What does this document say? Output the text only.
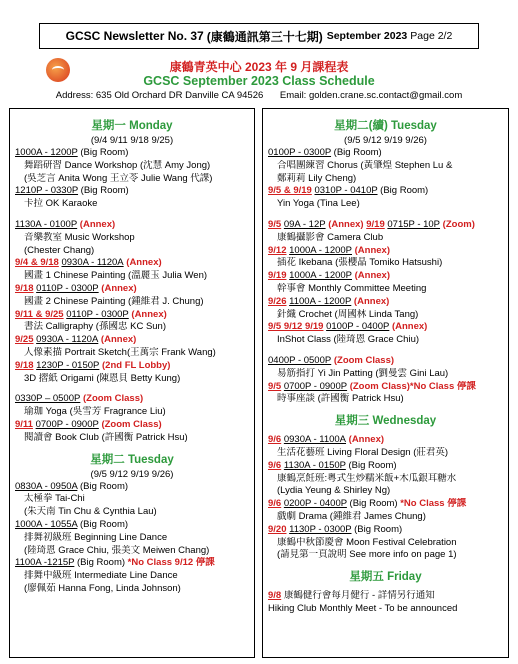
GCSC Newsletter No. 37 (康鶴通訊第三十七期) September 2023 Page 2/2
康鶴青英中心 2023 年 9 月課程表
GCSC September 2023 Class Schedule
Address: 635 Old Orchard DR Danville CA 94526 Email: golden.crane.sc.contact@gmail.com
星期一 Monday
(9/4 9/11 9/18 9/25)
1000A - 1200P (Big Room)
舞蹈研習 Dance Workshop (沈慧 Amy Jong)
(吳芝言 Anita Wong 王立苓 Julie Wang 代課)
1210P - 0330P (Big Room)
卡拉 OK Karaoke
1130A - 0100P (Annex)
音樂教室 Music Workshop
(Chester Chang)
9/4 & 9/18 0930A - 1120A (Annex)
國畫 1 Chinese Painting (溫麗玉 Julia Wen)
9/18 0110P - 0300P (Annex)
國畫 2 Chinese Painting (鍾維君 J. Chung)
9/11 & 9/25 0110P - 0300P (Annex)
書法 Calligraphy (孫國忠 KC Sun)
9/25 0930A - 1120A (Annex)
人像素描 Portrait Sketch(王萬宗 Frank Wang)
9/18 1230P - 0150P (2nd FL Lobby)
3D 摺紙 Origami (陳恩貝 Betty Kung)
0330P – 0500P (Zoom Class)
瑜珈 Yoga (吳雪芳 Fragrance Liu)
9/11 0700P - 0900P (Zoom Class)
閱讀會 Book Club (許國衡 Patrick Hsu)
星期二 Tuesday
(9/5 9/12 9/19 9/26)
0830A - 0950A (Big Room)
太極拳 Tai-Chi
(朱天南 Tin Chu & Cynthia Lau)
1000A - 1055A (Big Room)
排舞初級班 Beginning Line Dance
(陸琦恩 Grace Chiu, 張美文 Meiwen Chang)
1100A -1215P (Big Room) *No Class 9/12 停課
排舞中級班 Intermediate Line Dance
(廖佩茹 Hanna Fong, Linda Johnson)
星期二(續) Tuesday
(9/5 9/12 9/19 9/26)
0100P - 0300P (Big Room)
合唱團練習 Chorus (黃肇煌 Stephen Lu &
鄭莉莉 Lily Cheng)
9/5 & 9/19 0310P - 0410P (Big Room)
Yin Yoga (Tina Lee)
9/5 09A - 12P (Annex) 9/19 0715P - 10P (Zoom)
康鶴攝影會 Camera Club
9/12 1000A - 1200P (Annex)
插花 Ikebana (張櫻晶 Tomiko Hatsushi)
9/19 1000A - 1200P (Annex)
幹事會 Monthly Committee Meeting
9/26 1100A - 1200P (Annex)
針織 Crochet (周國林 Linda Tang)
9/5 9/12 9/19 0100P - 0400P (Annex)
InShot Class (陸琦恩 Grace Chiu)
0400P - 0500P (Zoom Class)
易筋指打 Yi Jin Patting (劉曼雲 Gini Lau)
9/5 0700P - 0900P (Zoom Class)*No Class 停課
時事座談 (許國衡 Patrick Hsu)
星期三 Wednesday
9/6 0930A - 1100A (Annex)
生活花藝班 Living Floral Design (莊君英)
9/6 1130A - 0150P (Big Room)
康鶴烹飪班:粵式生炒糯米飯+木瓜銀耳糖水
(Lydia Yeung & Shirley Ng)
9/6 0200P - 0400P (Big Room) *No Class 停課
戲劇 Drama (鍾維君 James Chung)
9/20 1130P - 0300P (Big Room)
康鶴中秋節慶會 Moon Festival Celebration
(請見第一頁說明 See more info on page 1)
星期五 Friday
9/8 康鶴健行會每月健行 - 詳情另行通知
Hiking Club Monthly Meet - To be announced
